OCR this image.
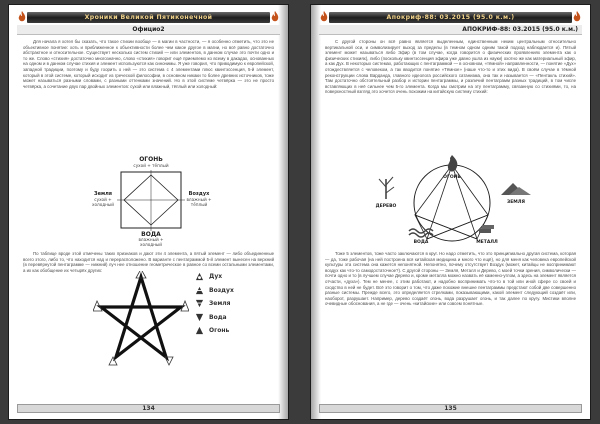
Хроники Великой Пятиконечной
Официо2

Для начала я хотел бы сказать, что такое стихии вообще — в магии в частности, — я особенно отметить, что это не объективное понятие: хоть и приближенное к объективности более чем какое другое в магии, но всё равно достаточно абстрактное и относительное. Существует несколько систем стихий — или элементов, в данном случае это почти одно и то же. Слово «стихия» достаточно многозначно, слово «стихия» говорит ещё приемлемо ко всему в дакадах, основанных на одном и в данном случае стихия и элемент используются как синонимы. Я уже говорил, что приводимую к европейской, западной традиции, поэтому и буду гоорить о ней — это система с 4 элементами плюс квинтэссенция, 5-й элемент, который в этой системе, который исходит из греческой философии, в основном никаки то более древних источников, тоже может называться разными словами, с разными оттенками значений. Но в этой системе четвёрка — это не просто четвёрка, а сочетание двух пар двойных элементов: сухой или влажный, тёплый или холодный:

ОГОНЬ
сухой + тёплый
Земля
сухой +
холодный
Воздух
влажный +
тёплый
ВОДА
влажный +
холодный

По таблице вроде этой отмечены таких признаков и дают эти 4 элемента, а пятый элемент — либо объединенные всего этого, либо то, что находится над и перерасположено. В варианте с пентаграммой 5-й элемент вынесен на верхний (в перевёрнутой пентаграмме — нижний) луч нее отношение геометрическое в равное со всеми остальными элементами, а их как обобщение их четырёх других:

Дух
Воздух
Земля
Вода
Огонь
134
Апокриф-88: 03.2015 (95.0 к.м.)
АПОКРИФ-88: 03.2015 (95.0 к.м.)

С другой стороны он всё равно является выделенным, единственным неким центральным относительно вертикальной оси, и символизирует выход за пределы (в темном одном одним такой подход наблюдается и). Пятый элемент может называться либо Эфир (в том случае, когда говорится о физических проявлениях элемента как о физических стихиях), либо (поскольку квинтэссенция эфира уже давно ушла из науки) охотно же как материальный эфир, а как Дух. В некоторых системах, работающих с пентаграммой — в основном, «тёмной» направленности, — понятие «Дух» отождествляется с человеком, а так вводится понятие «Тёмное» (наше что-то и этих вида). В своём случае в тёмной реконструкции слова Варданда, главного идеолога российского сатанизма, она так и называется — «Пентакль стихий». Там достаточно обстоятельный разбор и истории пентаграммы, и различий пентаграмм разных традиций, в том числе вставляющих в неё сильнее чем 5-го элемента. Когда мы смотрим на эту пентаграмму, связанную со стихиями, то, на поверхностный взгляд это хочется очень похожим на китайскую систему стихий:

ОГОНЬ
ЗЕМЛЯ
МЕТАЛЛ
ВОДА
ДЕРЕВО

Тоже 5 элементов, тоже часто заключаются в круг. Но надо отметить, что это принципиально другая система, которая — да, тоже рабочая (на ней построена вся китайская медицина и много что ещё), но для меня как человека европейской культуры эта система она кажется непонятной. Непонятно, почему отсутствует Воздух (может, китайцы не воспринимают воздух как что-то самодостаточное?). С другой стороны — Земля, Металл и Дерево, с моей точки зрения, символически — почти одно и то (в лучшем случае Дерево и, кроме металла можно назвать её каменно-углом, а здесь на элемент является отчасти, «духа»). Тем не менее, с этим работают, и надобно воспринимать что-то в той или иной сфере со своей и сходство в ней не будет. Всё это говорит о том, что даже похожие внешне пентаграммы предстают собой две совершенно разные системы. Прежде всего, это определяется стрелками, показывающими, какой элемент следующий создаёт или, наоборот, разрушает. Например, дерево создаёт огонь, вода разрушает огонь, и так далее по кругу. Мистики вполне очевидные обоснования, а не где — очень «китайские» или совсем понятные.

135
